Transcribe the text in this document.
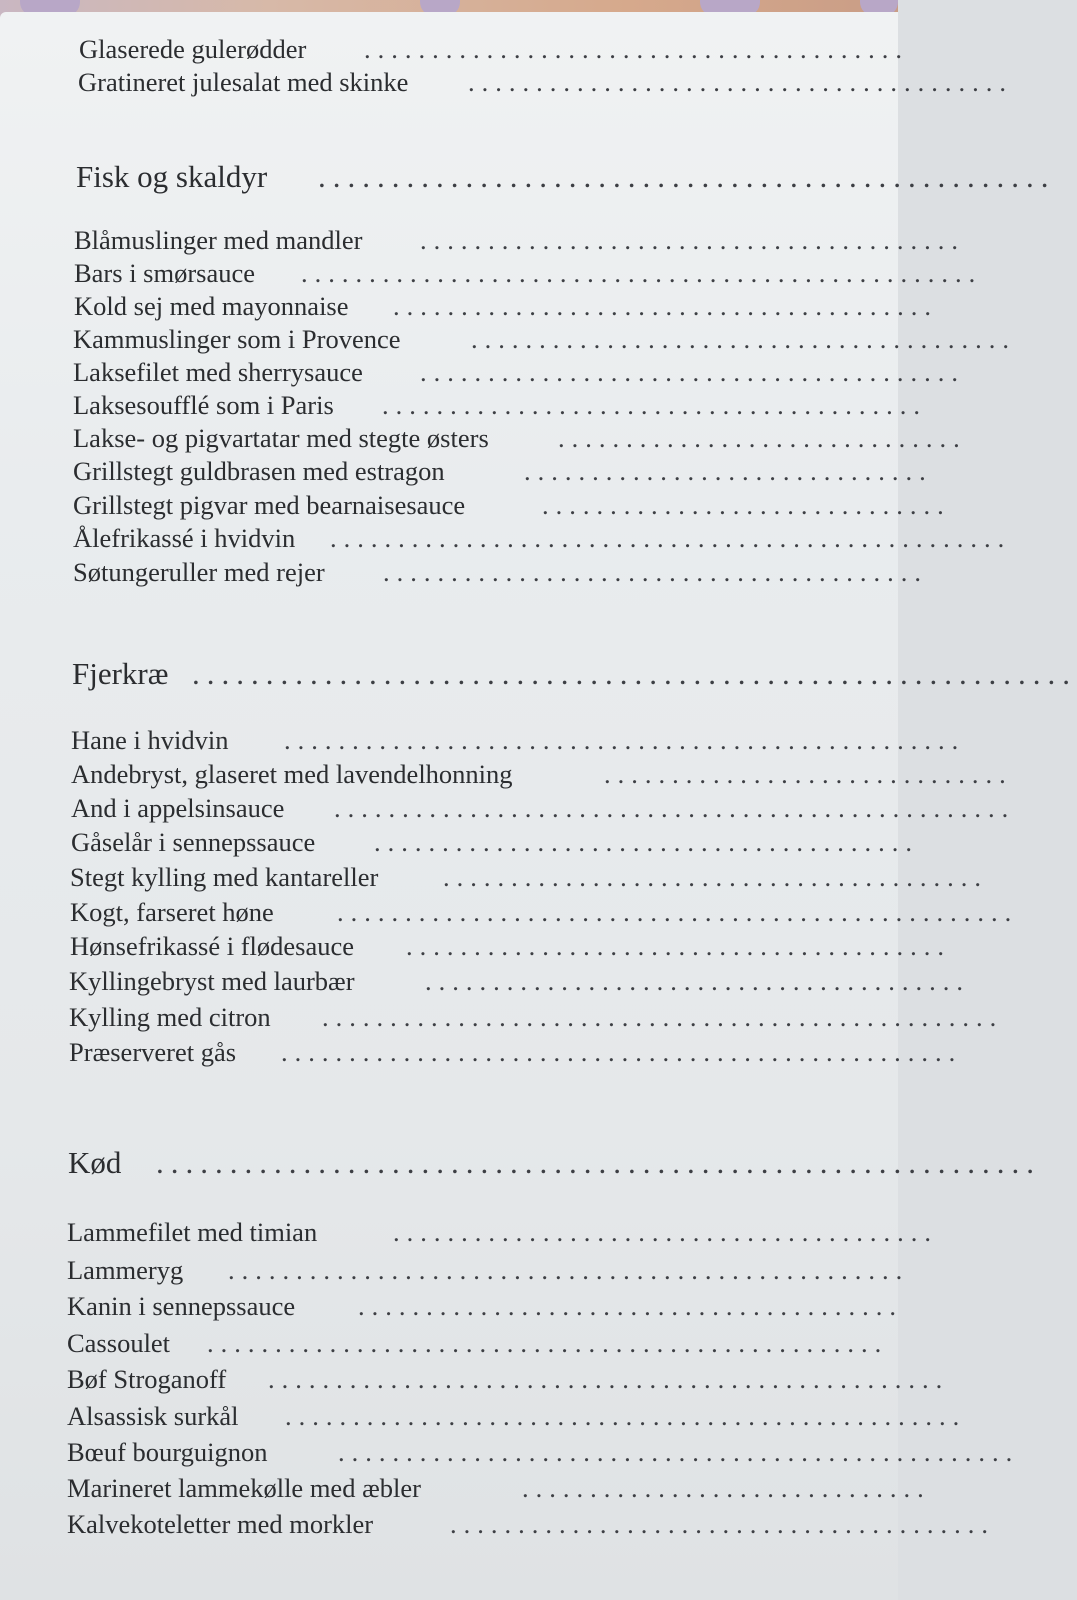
Glaserede gulerødder ........................................
Gratineret julesalat med skinke ........................................
Fisk og skaldyr ..................................................
Blåmuslinger med mandler ........................................
Bars i smørsauce ..................................................
Kold sej med mayonnaise ........................................
Kammuslinger som i Provence	........................................
Laksefilet med sherrysauce ........................................
Laksesoufflé som i Paris ........................................
Lakse- og pigvartatar med stegte østers	..............................
Grillstegt guldbrasen med estragon	..............................
Grillstegt pigvar med bearnaisesauce	..............................
Ålefrikassé i hvidvin ..................................................
Søtungeruller med rejer ........................................
Fjerkræ ............................................................
Hane i hvidvin ..................................................
Andebryst, glaseret med lavendelhonning	..............................
And i appelsinsauce ..................................................
Gåselår i sennepssauce ........................................
Stegt kylling med kantareller ........................................
Kogt, farseret høne ..................................................
Hønsefrikassé i flødesauce ........................................
Kyllingebryst med laurbær	........................................
Kylling med citron ..................................................
Præserveret gås ..................................................
Kød ............................................................
Lammefilet med timian	........................................
Lammeryg ..................................................
Kanin i sennepssauce ........................................
Cassoulet ..................................................
Bøf Stroganoff ..................................................
Alsassisk surkål ..................................................
Bœuf bourguignon	..................................................
Marineret lammekølle med æbler	..............................
Kalvekoteletter med morkler	........................................
